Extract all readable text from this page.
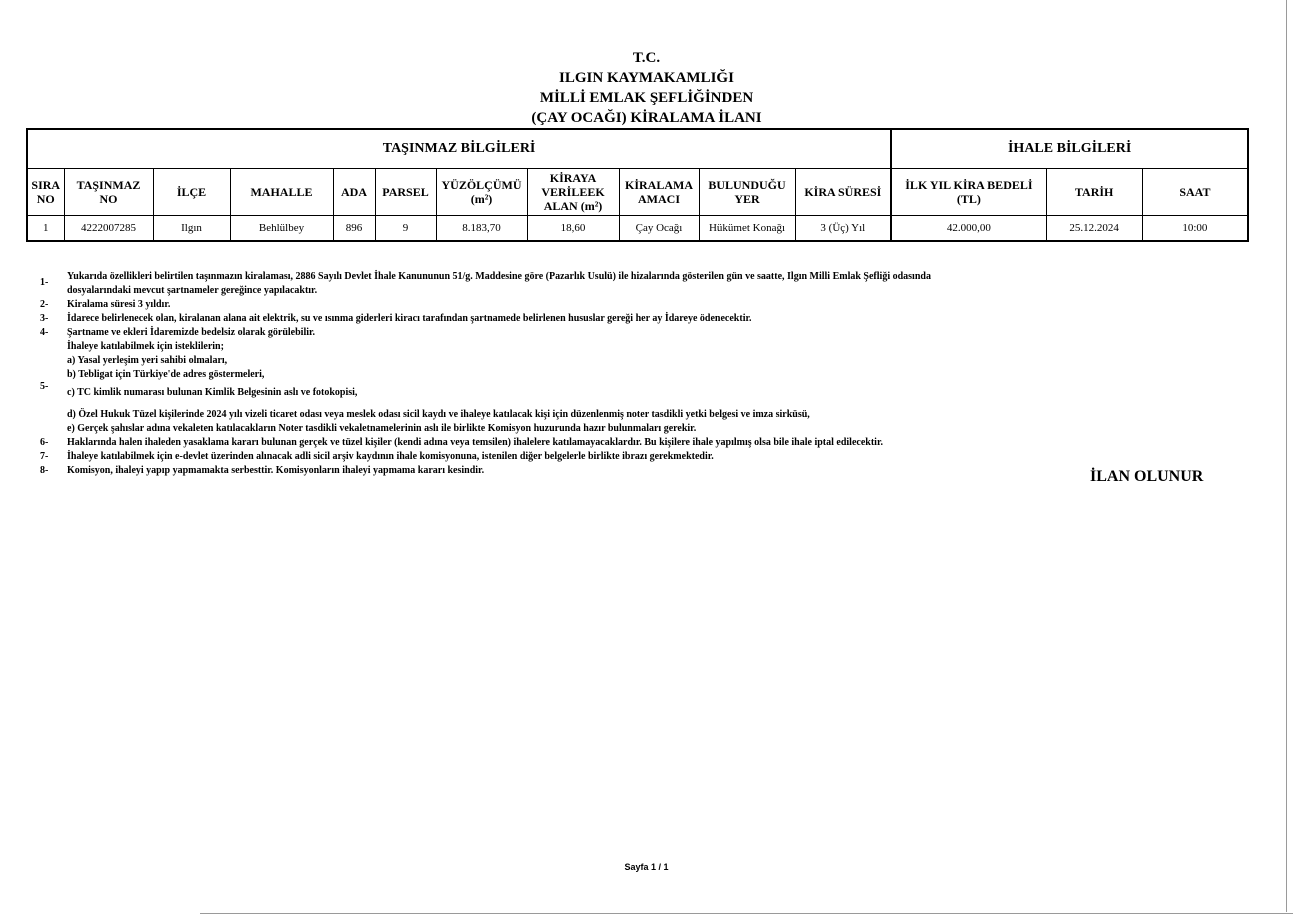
T.C.
ILGIN KAYMAKAMLIĞI
MİLLİ EMLAK ŞEFLİĞİNDEN
(ÇAY OCAĞI) KİRALAMA İLANI
TAŞINMAZ BİLGİLERİ											İHALE BİLGİLERİ		
SIRA NO	TAŞINMAZ NO	İLÇE	MAHALLE	ADA	PARSEL	YÜZÖLÇÜMÜ (m²)	KİRAYA VERİLEEK ALAN (m²)	KİRALAMA AMACI	BULUNDUĞU YER	KİRA SÜRESİ	İLK YIL KİRA BEDELİ (TL)	TARİH	SAAT
1	4222007285	Ilgın	Behlülbey	896	9	8.183,70	18,60	Çay Ocağı	Hükümet Konağı	3 (Üç) Yıl	42.000,00	25.12.2024	10:00
1-
Yukarıda özellikleri belirtilen taşınmazın kiralaması, 2886 Sayılı Devlet İhale Kanununun 51/g. Maddesine göre (Pazarlık Usulü) ile hizalarında gösterilen gün ve saatte, Ilgın Milli Emlak Şefliği odasında
dosyalarındaki mevcut şartnameler gereğince yapılacaktır.
2- Kiralama süresi 3 yıldır.
3- İdarece belirlenecek olan, kiralanan alana ait elektrik, su ve ısınma giderleri kiracı tarafından şartnamede belirlenen hususlar gereği her ay İdareye ödenecektir.
4- Şartname ve ekleri İdaremizde bedelsiz olarak görülebilir.
5-
İhaleye katılabilmek için isteklilerin;
a) Yasal yerleşim yeri sahibi olmaları,
b) Tebligat için Türkiye'de adres göstermeleri,
c) TC kimlik numarası bulunan Kimlik Belgesinin aslı ve fotokopisi,
d) Özel Hukuk Tüzel kişilerinde 2024 yılı vizeli ticaret odası veya meslek odası sicil kaydı ve ihaleye katılacak kişi için düzenlenmiş noter tasdikli yetki belgesi ve imza sirküsü,
e) Gerçek şahıslar adına vekaleten katılacakların Noter tasdikli vekaletnamelerinin aslı ile birlikte Komisyon huzurunda hazır bulunmaları gerekir.
6- Haklarında halen ihaleden yasaklama kararı bulunan gerçek ve tüzel kişiler (kendi adına veya temsilen) ihalelere katılamayacaklardır. Bu kişilere ihale yapılmış olsa bile ihale iptal edilecektir.
7- İhaleye katılabilmek için e-devlet üzerinden alınacak adli sicil arşiv kaydının ihale komisyonuna, istenilen diğer belgelerle birlikte ibrazı gerekmektedir.
8- Komisyon, ihaleyi yapıp yapmamakta serbesttir. Komisyonların ihaleyi yapmama kararı kesindir.	İLAN OLUNUR
Sayfa 1 / 1
